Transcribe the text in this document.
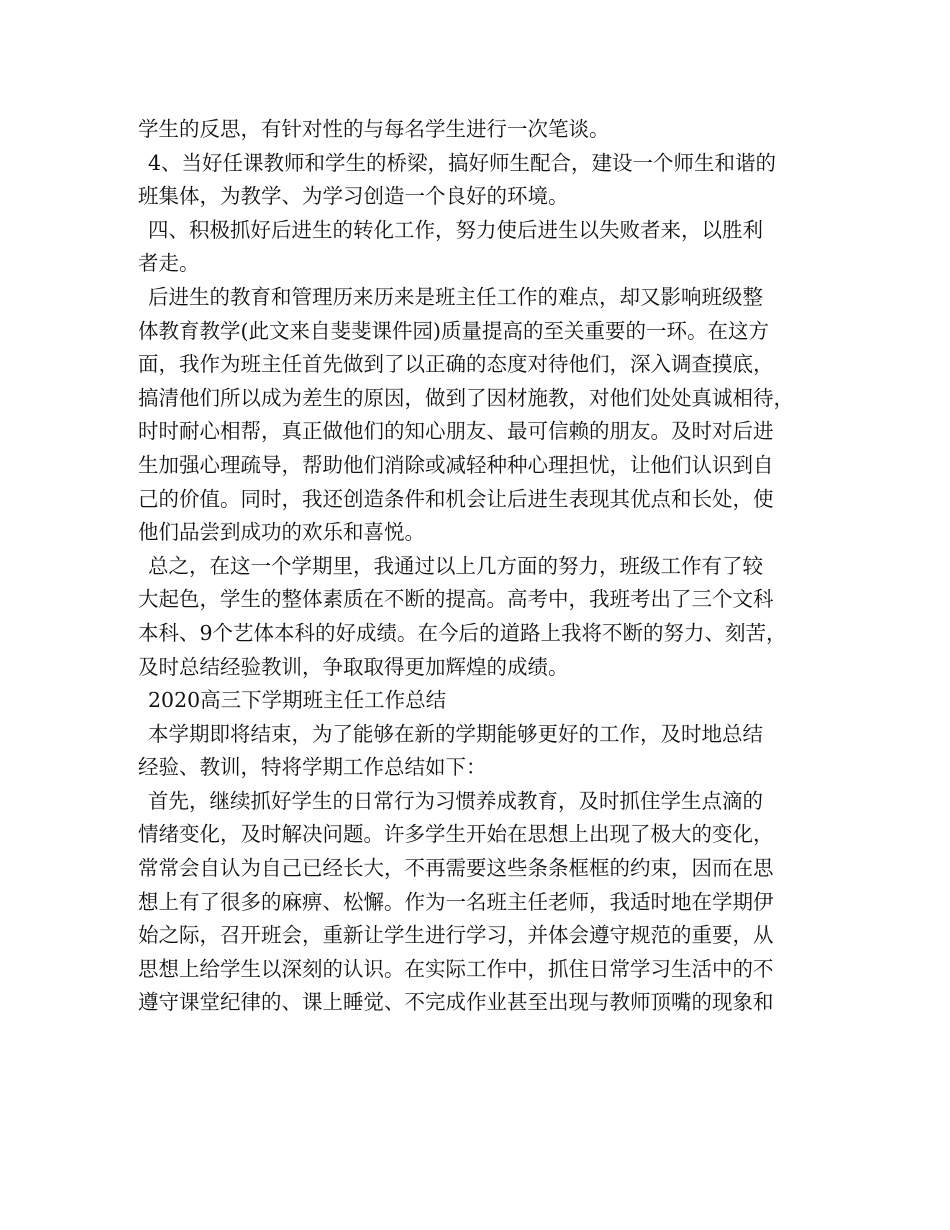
学生的反思，有针对性的与每名学生进行一次笔谈。
4、当好任课教师和学生的桥梁，搞好师生配合，建设一个师生和谐的
班集体，为教学、为学习创造一个良好的环境。
四、积极抓好后进生的转化工作，努力使后进生以失败者来，以胜利
者走。
后进生的教育和管理历来历来是班主任工作的难点，却又影响班级整
体教育教学(此文来自斐斐课件园)质量提高的至关重要的一环。在这方
面，我作为班主任首先做到了以正确的态度对待他们，深入调查摸底，
搞清他们所以成为差生的原因，做到了因材施教，对他们处处真诚相待，
时时耐心相帮，真正做他们的知心朋友、最可信赖的朋友。及时对后进
生加强心理疏导，帮助他们消除或减轻种种心理担忧，让他们认识到自
己的价值。同时，我还创造条件和机会让后进生表现其优点和长处，使
他们品尝到成功的欢乐和喜悦。
总之，在这一个学期里，我通过以上几方面的努力，班级工作有了较
大起色，学生的整体素质在不断的提高。高考中，我班考出了三个文科
本科、9个艺体本科的好成绩。在今后的道路上我将不断的努力、刻苦，
及时总结经验教训，争取取得更加辉煌的成绩。
2020高三下学期班主任工作总结
本学期即将结束，为了能够在新的学期能够更好的工作，及时地总结
经验、教训，特将学期工作总结如下：
首先，继续抓好学生的日常行为习惯养成教育，及时抓住学生点滴的
情绪变化，及时解决问题。许多学生开始在思想上出现了极大的变化，
常常会自认为自己已经长大，不再需要这些条条框框的约束，因而在思
想上有了很多的麻痹、松懈。作为一名班主任老师，我适时地在学期伊
始之际，召开班会，重新让学生进行学习，并体会遵守规范的重要，从
思想上给学生以深刻的认识。在实际工作中，抓住日常学习生活中的不
遵守课堂纪律的、课上睡觉、不完成作业甚至出现与教师顶嘴的现象和
